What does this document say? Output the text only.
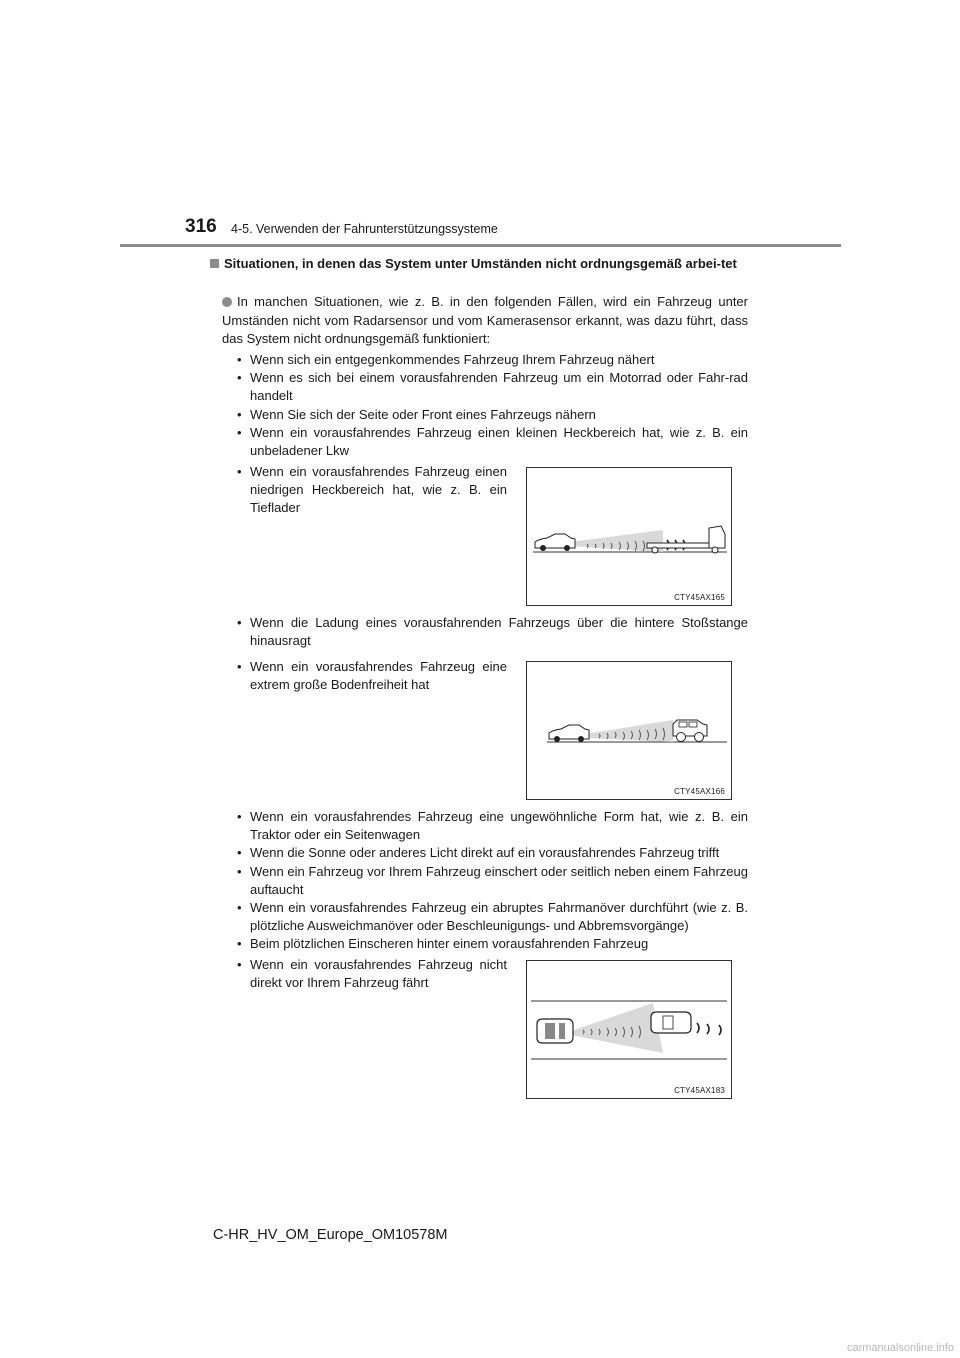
316 4-5. Verwenden der Fahrunterstützungssysteme
Situationen, in denen das System unter Umständen nicht ordnungsgemäß arbei-tet
In manchen Situationen, wie z. B. in den folgenden Fällen, wird ein Fahrzeug unter Umständen nicht vom Radarsensor und vom Kamerasensor erkannt, was dazu führt, dass das System nicht ordnungsgemäß funktioniert:
• Wenn sich ein entgegenkommendes Fahrzeug Ihrem Fahrzeug nähert
• Wenn es sich bei einem vorausfahrenden Fahrzeug um ein Motorrad oder Fahr-rad handelt
• Wenn Sie sich der Seite oder Front eines Fahrzeugs nähern
• Wenn ein vorausfahrendes Fahrzeug einen kleinen Heckbereich hat, wie z. B. ein unbeladener Lkw
• Wenn ein vorausfahrendes Fahrzeug einen niedrigen Heckbereich hat, wie z. B. ein Tieflader
CTY45AX165
• Wenn die Ladung eines vorausfahrenden Fahrzeugs über die hintere Stoßstange hinausragt
• Wenn ein vorausfahrendes Fahrzeug eine extrem große Bodenfreiheit hat
CTY45AX166
• Wenn ein vorausfahrendes Fahrzeug eine ungewöhnliche Form hat, wie z. B. ein Traktor oder ein Seitenwagen
• Wenn die Sonne oder anderes Licht direkt auf ein vorausfahrendes Fahrzeug trifft
• Wenn ein Fahrzeug vor Ihrem Fahrzeug einschert oder seitlich neben einem Fahrzeug auftaucht
• Wenn ein vorausfahrendes Fahrzeug ein abruptes Fahrmanöver durchführt (wie z. B. plötzliche Ausweichmanöver oder Beschleunigungs- und Abbremsvorgänge)
• Beim plötzlichen Einscheren hinter einem vorausfahrenden Fahrzeug
• Wenn ein vorausfahrendes Fahrzeug nicht direkt vor Ihrem Fahrzeug fährt
CTY45AX183
C-HR_HV_OM_Europe_OM10578M
carmanualsonline.info
